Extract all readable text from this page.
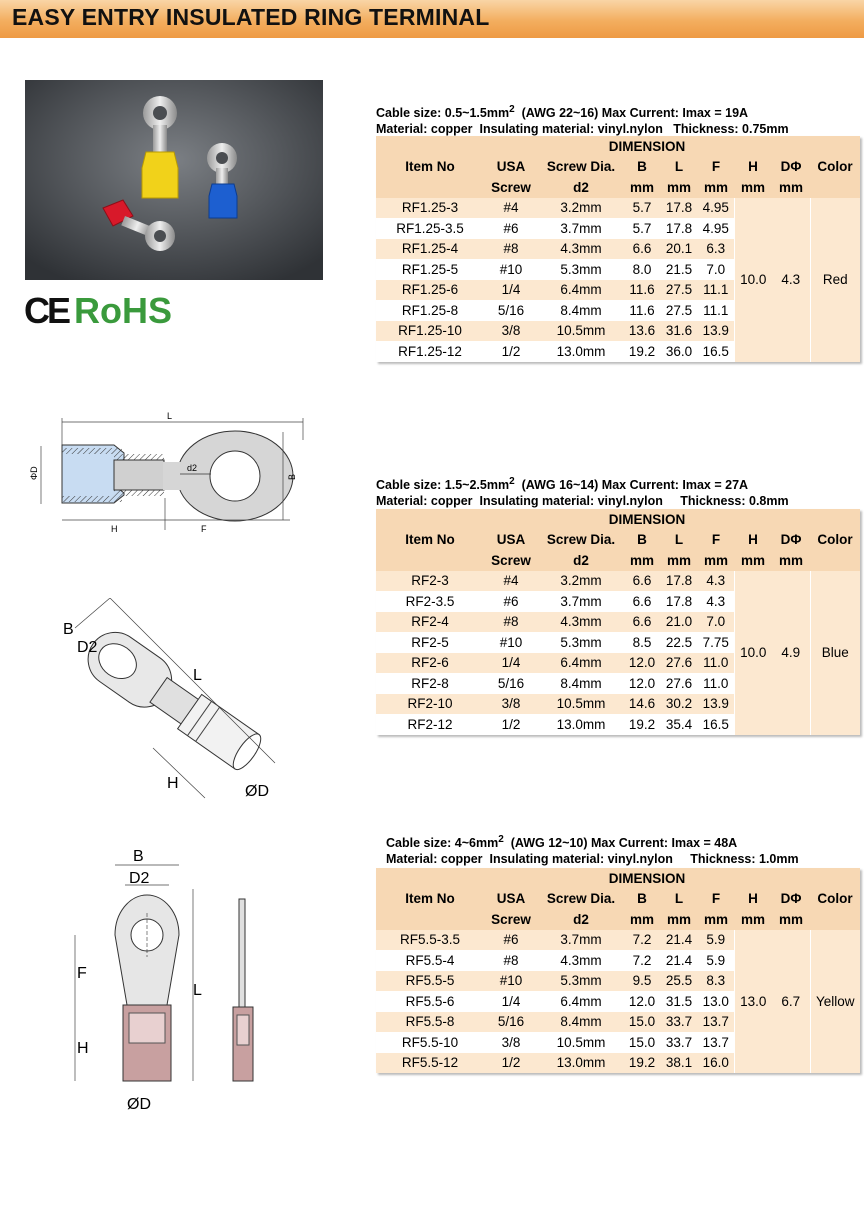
EASY ENTRY INSULATED RING TERMINAL
CE RoHS
L
d2
B
ΦD
H	F
B
D2
L
H	ØD
B
D2
F
H
L
ØD
Cable size: $0.5\sim 1.5mm^2$  (AWG 22~16) Max Current: Imax = 19A
Material: copper  Insulating material: vinyl.nylon   Thickness: 0.75mm
Cable size: $1.5\sim 2.5mm^2$  (AWG 16~14) Max Current: Imax = 27A
Material: copper  Insulating material: vinyl.nylon     Thickness: 0.8mm
Cable size: $4\sim 6mm^2$  (AWG 12~10) Max Current: Imax = 48A
Material: copper  Insulating material: vinyl.nylon     Thickness: 1.0mm
Item No	DIMENSION							Color
	USA	Screw Dia.	B	L	F	H	DΦ	
	Screw	d2	mm	mm	mm	mm	mm	
RF1.25-3	#4	3.2mm	5.7	17.8	4.95	10.0	4.3	Red
RF1.25-3.5	#6	3.7mm	5.7	17.8	4.95			
RF1.25-4	#8	4.3mm	6.6	20.1	6.3			
RF1.25-5	#10	5.3mm	8.0	21.5	7.0			
RF1.25-6	1/4	6.4mm	11.6	27.5	11.1			
RF1.25-8	5/16	8.4mm	11.6	27.5	11.1			
RF1.25-10	3/8	10.5mm	13.6	31.6	13.9			
RF1.25-12	1/2	13.0mm	19.2	36.0	16.5			
Item No	DIMENSION							Color
	USA	Screw Dia.	B	L	F	H	DΦ	
	Screw	d2	mm	mm	mm	mm	mm	
RF2-3	#4	3.2mm	6.6	17.8	4.3	10.0	4.9	Blue
RF2-3.5	#6	3.7mm	6.6	17.8	4.3			
RF2-4	#8	4.3mm	6.6	21.0	7.0			
RF2-5	#10	5.3mm	8.5	22.5	7.75			
RF2-6	1/4	6.4mm	12.0	27.6	11.0			
RF2-8	5/16	8.4mm	12.0	27.6	11.0			
RF2-10	3/8	10.5mm	14.6	30.2	13.9			
RF2-12	1/2	13.0mm	19.2	35.4	16.5			
Item No	DIMENSION							Color
	USA	Screw Dia.	B	L	F	H	DΦ	
	Screw	d2	mm	mm	mm	mm	mm	
RF5.5-3.5	#6	3.7mm	7.2	21.4	5.9	13.0	6.7	Yellow
RF5.5-4	#8	4.3mm	7.2	21.4	5.9			
RF5.5-5	#10	5.3mm	9.5	25.5	8.3			
RF5.5-6	1/4	6.4mm	12.0	31.5	13.0			
RF5.5-8	5/16	8.4mm	15.0	33.7	13.7			
RF5.5-10	3/8	10.5mm	15.0	33.7	13.7			
RF5.5-12	1/2	13.0mm	19.2	38.1	16.0			
